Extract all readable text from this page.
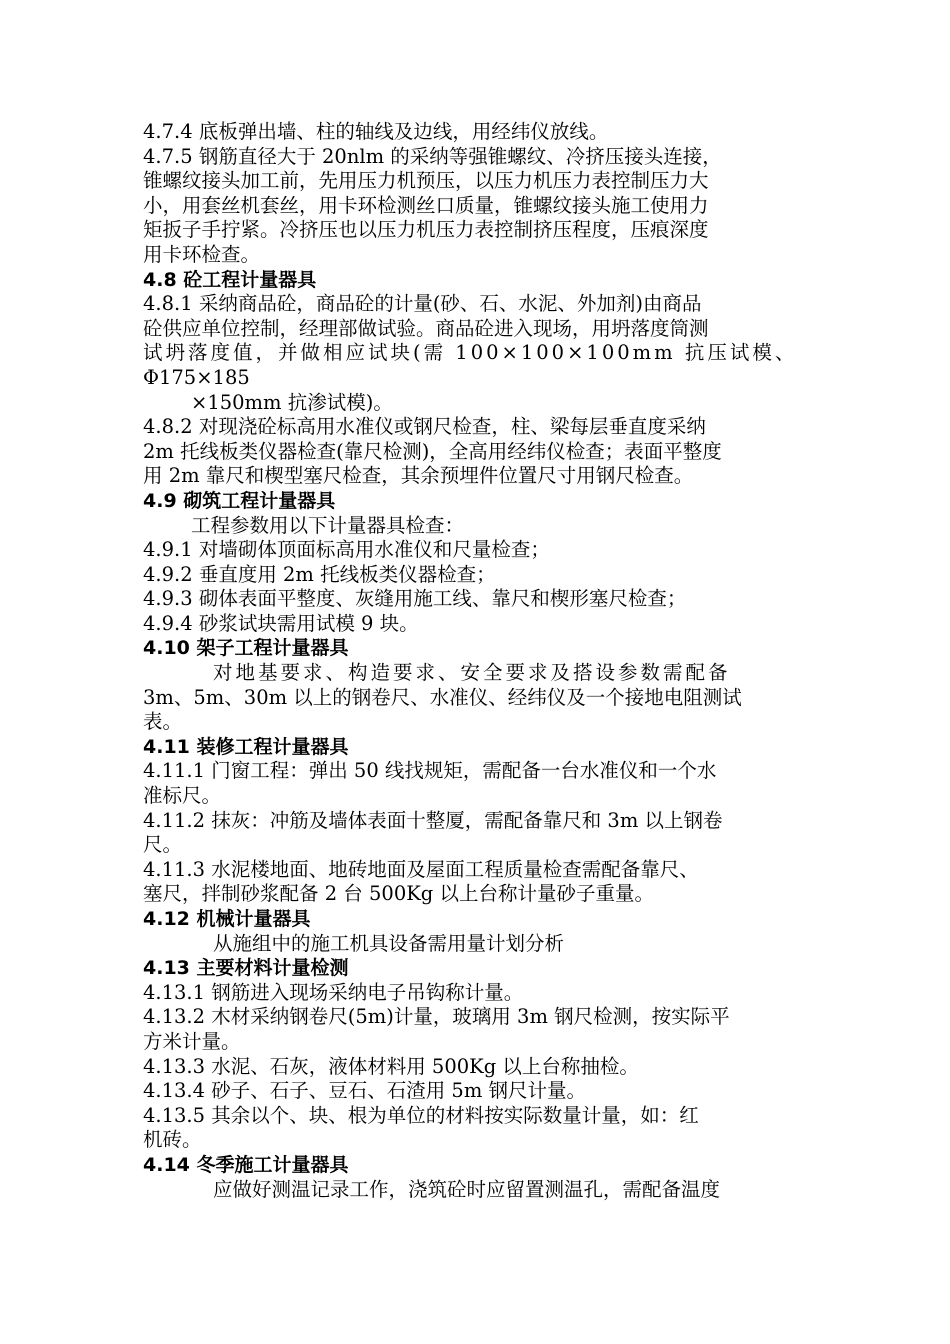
4.7.4 底板弹出墙、柱的轴线及边线，用经纬仪放线。
4.7.5 钢筋直径大于 20nlm 的采纳等强锥螺纹、冷挤压接头连接，
锥螺纹接头加工前，先用压力机预压，以压力机压力表控制压力大
小，用套丝机套丝，用卡环检测丝口质量，锥螺纹接头施工使用力
矩扳子手拧紧。冷挤压也以压力机压力表控制挤压程度，压痕深度
用卡环检查。
4.8 砼工程计量器具
4.8.1 采纳商品砼，商品砼的计量(砂、石、水泥、外加剂)由商品
砼供应单位控制，经理部做试验。商品砼进入现场，用坍落度筒测
试坍落度值，并做相应试块(需 100×100×100mm 抗压试模、
Φ175×185
×150mm 抗渗试模)。
4.8.2 对现浇砼标高用水准仪或钢尺检查，柱、梁每层垂直度采纳
2m 托线板类仪器检查(靠尺检测)，全高用经纬仪检查；表面平整度
用 2m 靠尺和楔型塞尺检查，其余预埋件位置尺寸用钢尺检查。
4.9 砌筑工程计量器具
工程参数用以下计量器具检查：
4.9.1 对墙砌体顶面标高用水准仪和尺量检查；
4.9.2 垂直度用 2m 托线板类仪器检查；
4.9.3 砌体表面平整度、灰缝用施工线、靠尺和楔形塞尺检查；
4.9.4 砂浆试块需用试模 9 块。
4.10 架子工程计量器具
对地基要求、构造要求、安全要求及搭设参数需配备
3m、5m、30m 以上的钢卷尺、水准仪、经纬仪及一个接地电阻测试
表。
4.11 装修工程计量器具
4.11.1 门窗工程：弹出 50 线找规矩，需配备一台水准仪和一个水
准标尺。
4.11.2 抹灰：冲筋及墙体表面十整厦，需配备靠尺和 3m 以上钢卷
尺。
4.11.3 水泥楼地面、地砖地面及屋面工程质量检查需配备靠尺、
塞尺，拌制砂浆配备 2 台 500Kg 以上台称计量砂子重量。
4.12 机械计量器具
从施组中的施工机具设备需用量计划分析
4.13 主要材料计量检测
4.13.1 钢筋进入现场采纳电子吊钩称计量。
4.13.2 木材采纳钢卷尺(5m)计量，玻璃用 3m 钢尺检测，按实际平
方米计量。
4.13.3 水泥、石灰，液体材料用 500Kg 以上台称抽检。
4.13.4 砂子、石子、豆石、石渣用 5m 钢尺计量。
4.13.5 其余以个、块、根为单位的材料按实际数量计量，如：红
机砖。
4.14 冬季施工计量器具
应做好测温记录工作，浇筑砼时应留置测温孔，需配备温度
